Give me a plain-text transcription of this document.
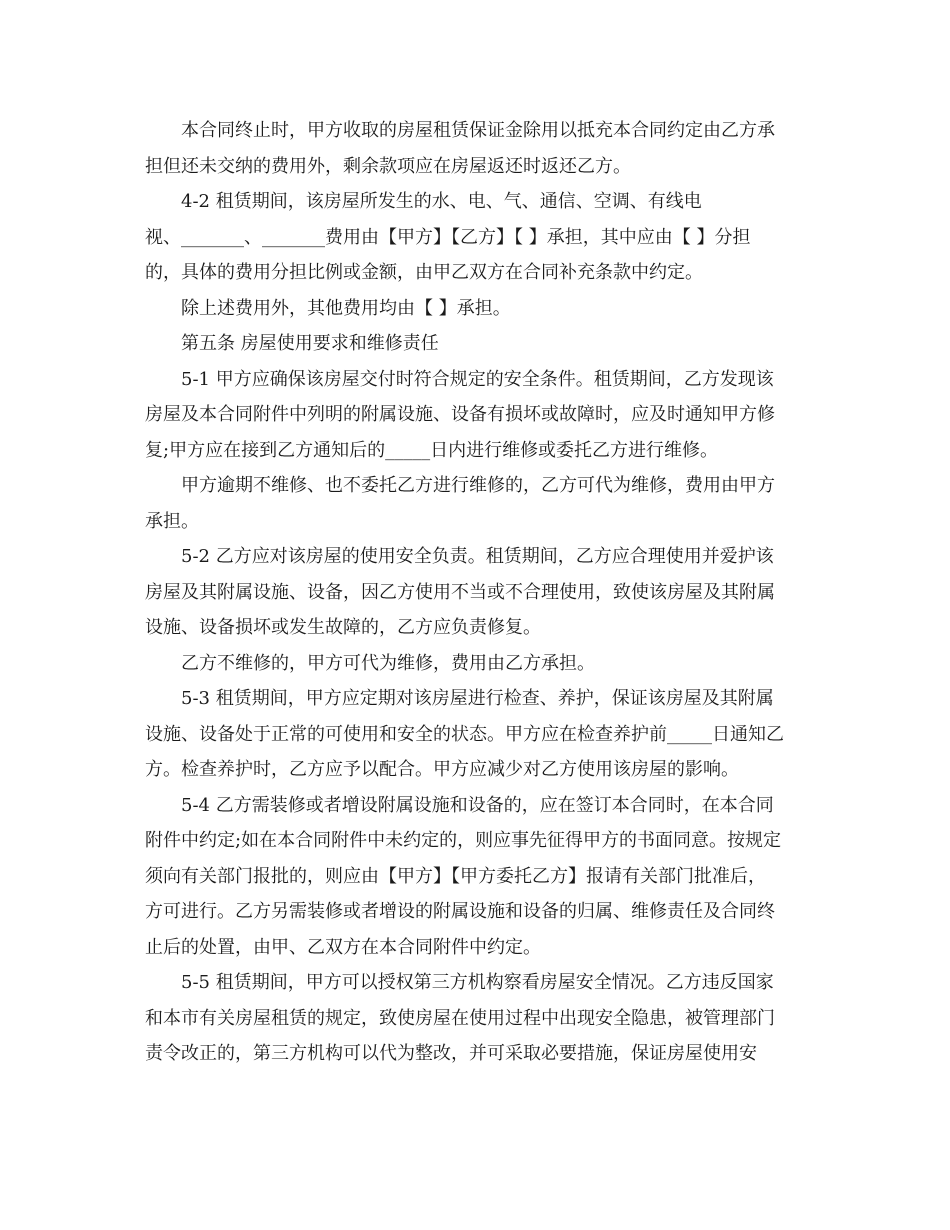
本合同终止时，甲方收取的房屋租赁保证金除用以抵充本合同约定由乙方承
担但还未交纳的费用外，剩余款项应在房屋返还时返还乙方。

4-2 租赁期间，该房屋所发生的水、电、气、通信、空调、有线电
视、_______、_______费用由【甲方】【乙方】【 】承担，其中应由【 】分担
的，具体的费用分担比例或金额，由甲乙双方在合同补充条款中约定。

除上述费用外，其他费用均由【 】承担。

第五条 房屋使用要求和维修责任

5-1 甲方应确保该房屋交付时符合规定的安全条件。租赁期间，乙方发现该
房屋及本合同附件中列明的附属设施、设备有损坏或故障时，应及时通知甲方修
复;甲方应在接到乙方通知后的_____日内进行维修或委托乙方进行维修。

甲方逾期不维修、也不委托乙方进行维修的，乙方可代为维修，费用由甲方
承担。

5-2 乙方应对该房屋的使用安全负责。租赁期间，乙方应合理使用并爱护该
房屋及其附属设施、设备，因乙方使用不当或不合理使用，致使该房屋及其附属
设施、设备损坏或发生故障的，乙方应负责修复。

乙方不维修的，甲方可代为维修，费用由乙方承担。

5-3 租赁期间，甲方应定期对该房屋进行检查、养护，保证该房屋及其附属
设施、设备处于正常的可使用和安全的状态。甲方应在检查养护前_____日通知乙
方。检查养护时，乙方应予以配合。甲方应减少对乙方使用该房屋的影响。

5-4 乙方需装修或者增设附属设施和设备的，应在签订本合同时，在本合同
附件中约定;如在本合同附件中未约定的，则应事先征得甲方的书面同意。按规定
须向有关部门报批的，则应由【甲方】【甲方委托乙方】报请有关部门批准后，
方可进行。乙方另需装修或者增设的附属设施和设备的归属、维修责任及合同终
止后的处置，由甲、乙双方在本合同附件中约定。

5-5 租赁期间，甲方可以授权第三方机构察看房屋安全情况。乙方违反国家
和本市有关房屋租赁的规定，致使房屋在使用过程中出现安全隐患，被管理部门
责令改正的，第三方机构可以代为整改，并可采取必要措施，保证房屋使用安
